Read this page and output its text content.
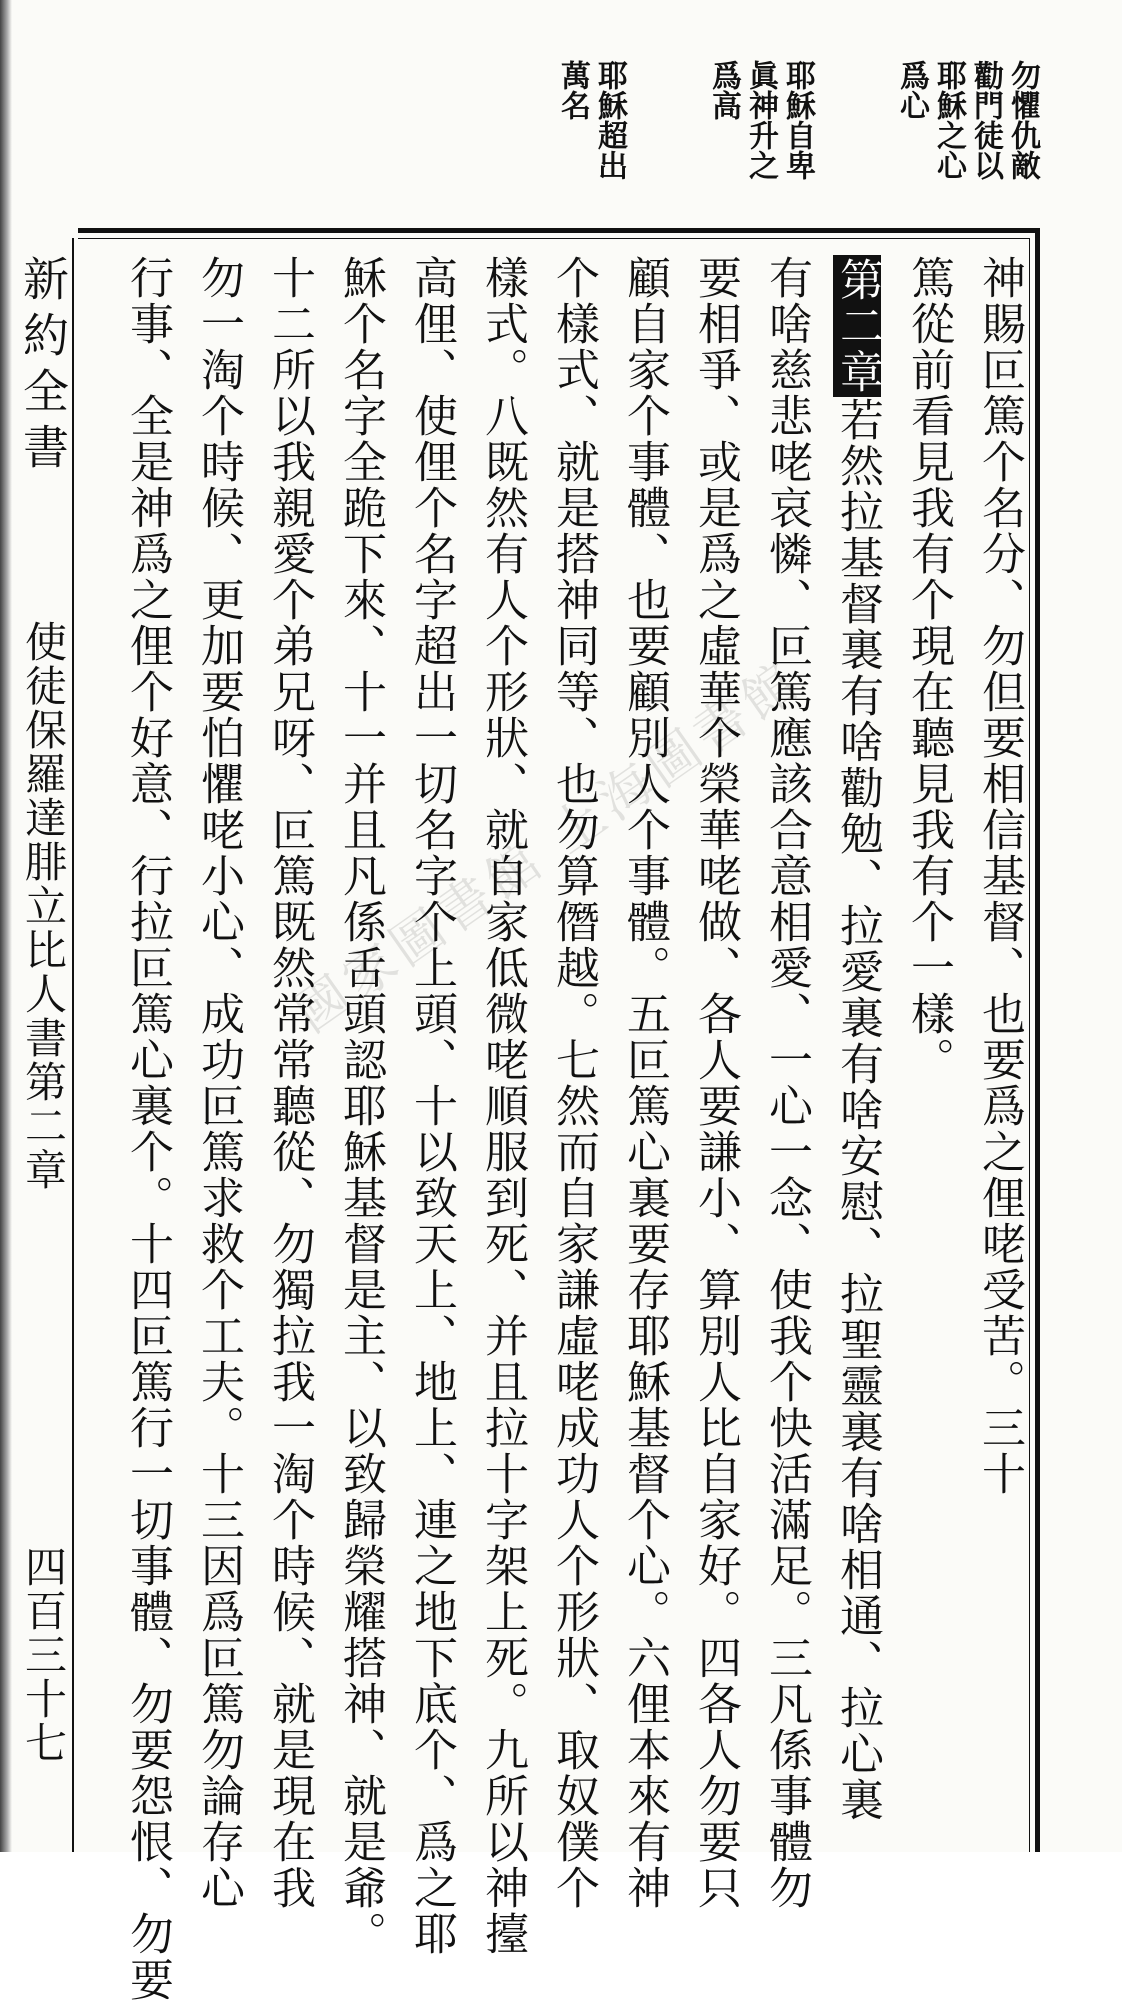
勿懼仇敵
勸門徒以
耶穌之心
爲心
耶穌自卑
眞神升之
爲高
耶穌超出
萬名
新約全書
使徒保羅達腓立比人書第二章
四百三十七
神賜叵篤个名分、勿但要相信基督、也要爲之俚咾受苦。三十
篤從前看見我有个現在聽見我有个一樣。
第二章若然拉基督裏有啥勸勉、拉愛裏有啥安慰、拉聖靈裏有啥相通、拉心裏
有啥慈悲咾哀憐、叵篤應該合意相愛、一心一念、使我个快活滿足。三凡係事體勿
要相爭、或是爲之虛華个榮華咾做、各人要謙小、算別人比自家好。四各人勿要只
顧自家个事體、也要顧別人个事體。五叵篤心裏要存耶穌基督个心。六俚本來有神
个樣式、就是搭神同等、也勿算僭越。七然而自家謙虛咾成功人个形狀、取奴僕个
樣式。八既然有人个形狀、就自家低微咾順服到死、并且拉十字架上死。九所以神擡
高俚、使俚个名字超出一切名字个上頭、十以致天上、地上、連之地下底个、爲之耶
穌个名字全跪下來、十一并且凡係舌頭認耶穌基督是主、以致歸榮耀搭神、就是爺。
十二所以我親愛个弟兄呀、叵篤既然常常聽從、勿獨拉我一淘个時候、就是現在我
勿一淘个時候、更加要怕懼咾小心、成功叵篤求救个工夫。十三因爲叵篤勿論存心
行事、全是神爲之俚个好意、行拉叵篤心裏个。十四叵篤行一切事體、勿要怨恨、勿要 國家圖書館 上海圖書館
